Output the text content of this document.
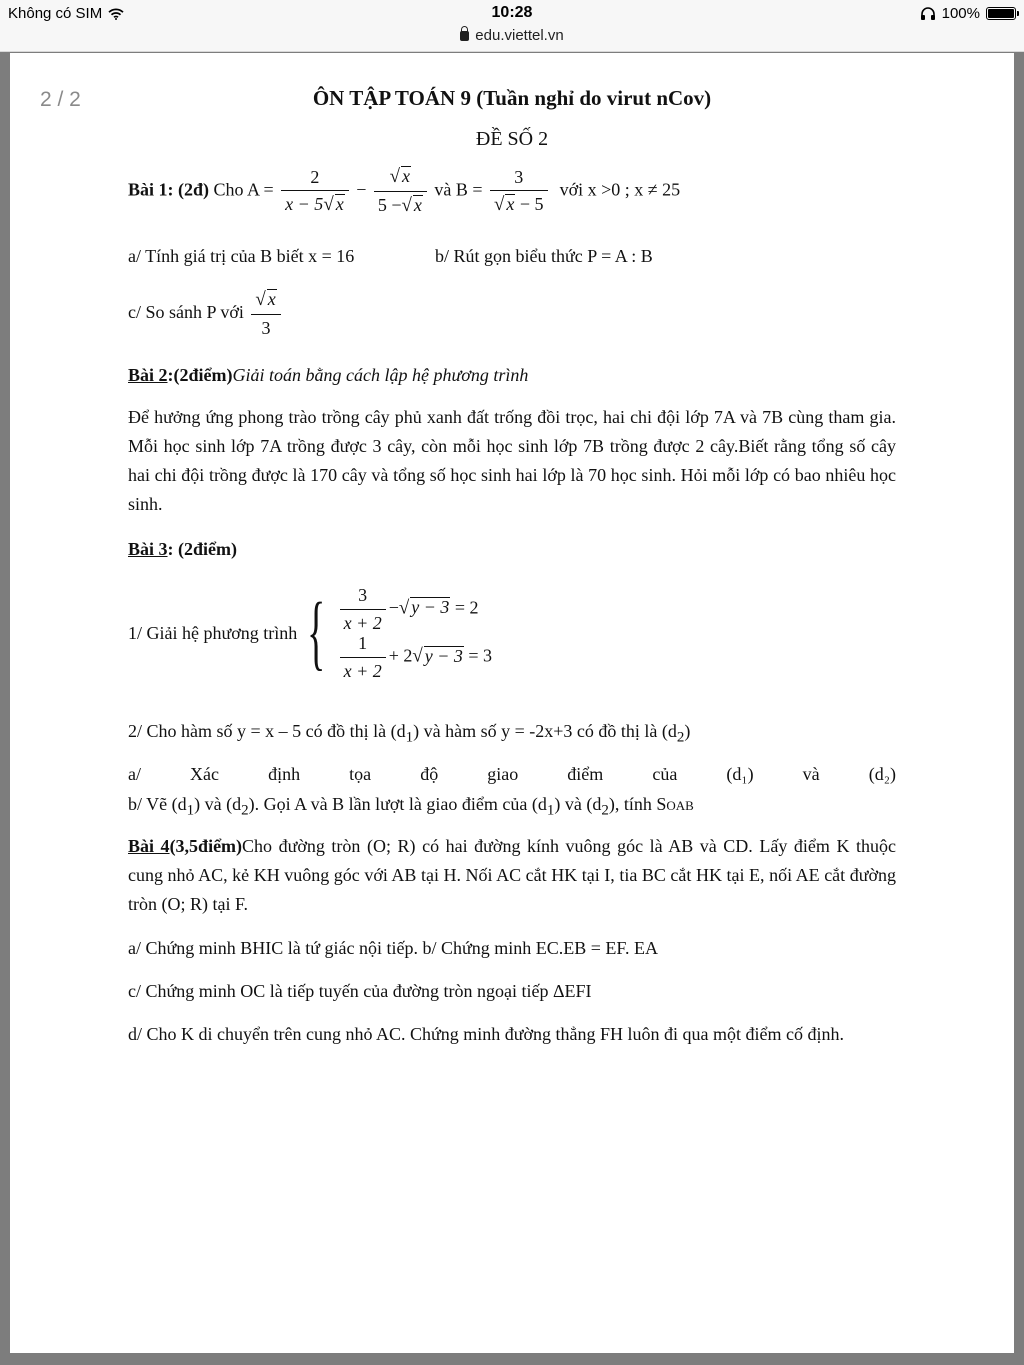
Không có SIM	10:28
edu.viettel.vn
100%
2 / 2	ÔN TẬP TOÁN 9 (Tuần nghỉ do virut nCov)
ĐỀ SỐ 2
Bài 1: (2đ) Cho $A = \frac{2}{x - 5√ x} - \frac{√ x}{5 -√ x}$ và $B = \frac{3}{√ x - 5}$ với x >0 ; x ≠ 25
a/ Tính giá trị của B biết x = 16	b/ Rút gọn biểu thức P = A : B
c/ So sánh P với $\frac{√ x}{3}$
Bài 2:(2điểm)Giải toán bằng cách lập hệ phương trình
Để hưởng ứng phong trào trồng cây phủ xanh đất trống đồi trọc, hai chi đội lớp 7A và 7B cùng tham gia. Mỗi học sinh lớp 7A trồng được 3 cây, còn mỗi học sinh lớp 7B trồng được 2 cây.Biết rằng tổng số cây hai chi đội trồng được là 170 cây và tổng số học sinh hai lớp là 70 học sinh. Hỏi mỗi lớp có bao nhiêu học sinh.
Bài 3: (2điểm)
1/ Giải hệ phương trình { $\frac{3}{x + 2}$ −√ y − 3 = 2
$\frac{1}{x + 2} + 2√$ y − 3 = 3
2/ Cho hàm số y = x – 5 có đồ thị là $(d_1)$ và hàm số y = -2x+3 có đồ thị là $(d_2)$
a/	Xác	định	tọa	độ	giao	điểm	của	(d₁)	và	(d₂)
b/ Vẽ $(d_1)$ và $(d_2)$. Gọi A và B lần lượt là giao điểm của $(d_1)$ và $(d_2)$, tính SOAB
Bài 4(3,5điểm)Cho đường tròn (O; R) có hai đường kính vuông góc là AB và CD. Lấy điểm K thuộc cung nhỏ AC, kẻ KH vuông góc với AB tại H. Nối AC cắt HK tại I, tia BC cắt HK tại E, nối AE cắt đường tròn (O; R) tại F.
a/ Chứng minh BHIC là tứ giác nội tiếp. b/ Chứng minh EC.EB = EF. EA
c/ Chứng minh OC là tiếp tuyến của đường tròn ngoại tiếp ΔEFI
d/ Cho K di chuyển trên cung nhỏ AC. Chứng minh đường thẳng FH luôn đi qua một điểm cố định.
